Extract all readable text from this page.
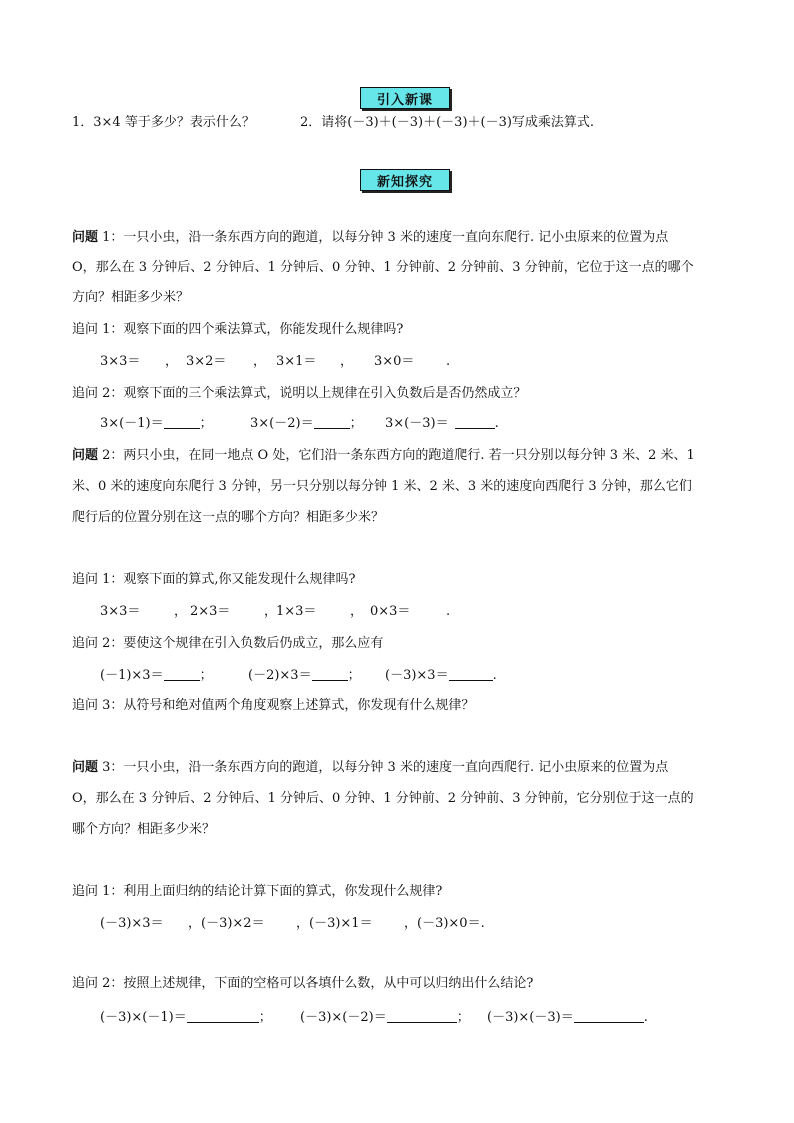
引入新课
1．3×4 等于多少？表示什么？	2．请将(－3)＋(－3)＋(－3)＋(－3)写成乘法算式.
新知探究
问题 1：一只小虫，沿一条东西方向的跑道，以每分钟 3 米的速度一直向东爬行. 记小虫原来的位置为点
O，那么在 3 分钟后、2 分钟后、1 分钟后、0 分钟、1 分钟前、2 分钟前、3 分钟前，它位于这一点的哪个
方向？相距多少米？
追问 1：观察下面的四个乘法算式，你能发现什么规律吗?
3×3＝ ， 3×2＝ ， 3×1＝ ， 3×0＝ .
追问 2：观察下面的三个乘法算式，说明以上规律在引入负数后是否仍然成立？
3×(－1)＝	；	3×(－2)＝	； 3×(－3)＝	.
问题 2：两只小虫，在同一地点 O 处，它们沿一条东西方向的跑道爬行. 若一只分别以每分钟 3 米、2 米、1
米、0 米的速度向东爬行 3 分钟，另一只分别以每分钟 1 米、2 米、3 米的速度向西爬行 3 分钟，那么它们
爬行后的位置分别在这一点的哪个方向？相距多少米？
追问 1：观察下面的算式,你又能发现什么规律吗?
3×3＝	， 2×3＝	，
1×3＝	， 0×3＝	.
追问 2：要使这个规律在引入负数后仍成立，那么应有
(－1)×3＝	；	(－2)×3＝	； (－3)×3＝	.
追问 3：从符号和绝对值两个角度观察上述算式，你发现有什么规律？
问题 3：一只小虫，沿一条东西方向的跑道，以每分钟 3 米的速度一直向西爬行. 记小虫原来的位置为点
O，那么在 3 分钟后、2 分钟后、1 分钟后、0 分钟、1 分钟前、2 分钟前、3 分钟前，它分别位于这一点的
哪个方向？相距多少米？
追问 1：利用上面归纳的结论计算下面的算式，你发现什么规律?
(－3)×3＝ ，(－3)×2＝ ，(－3)×1＝ ，(－3)×0＝.
追问 2：按照上述规律，下面的空格可以各填什么数，从中可以归纳出什么结论?
(－3)×(－1)＝	； (－3)×(－2)＝	； (－3)×(－3)＝	.
